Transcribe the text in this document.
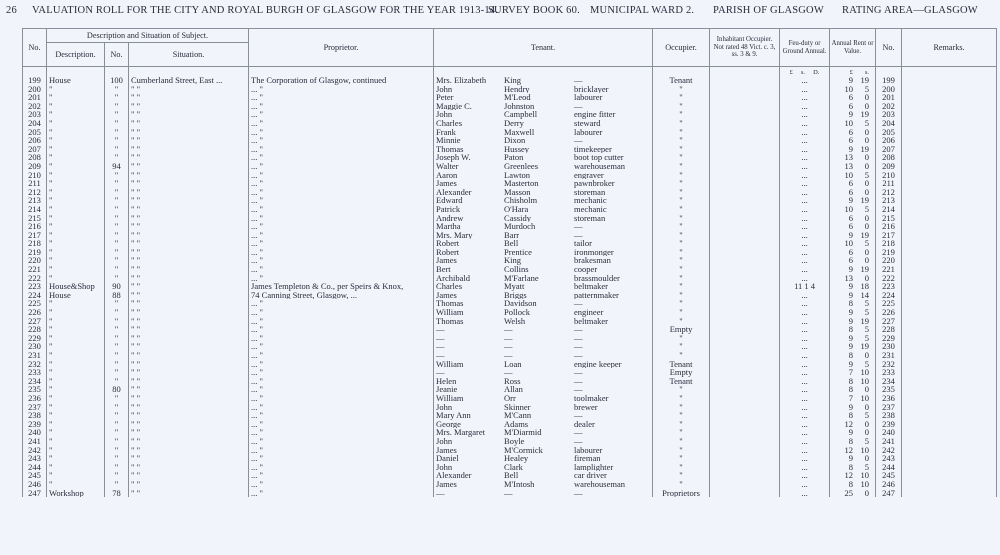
26 VALUATION ROLL FOR THE CITY AND ROYAL BURGH OF GLASGOW FOR THE YEAR 1913-14.
SURVEY BOOK 60. MUNICIPAL WARD 2. PARISH OF GLASGOW RATING AREA—GLASGOW
No.	Description and Situation of Subject.			Proprietor.	Tenant.	Occupier.	Inhabitant Occupier. Not rated 48 Vict. c. 3, ss. 3 & 9.	Feu-duty or Ground Annual.	Annual Rent or Value.	No.	Remarks.
	Description.	No.	Situation.								

								£ s. D.	£ s.		

199	House	100	Cumberland Street, East ...	The Corporation of Glasgow, continued	Mrs. Elizabeth King —	Tenant		...	9 19	199	
200	"	"	" "	... "	John Hendry bricklayer	"		...	10 5	200	
201	"	"	" "	... "	Peter M'Leod labourer	"		...	6 0	201	
202	"	"	" "	... "	Maggie C. Johnston —	"		...	6 0	202	
203	"	"	" "	... "	John Campbell engine fitter	"		...	9 19	203	
204	"	"	" "	... "	Charles Derry steward	"		...	10 5	204	
205	"	"	" "	... "	Frank Maxwell labourer	"		...	6 0	205	
206	"	"	" "	... "	Minnie Dixon —	"		...	6 0	206	
207	"	"	" "	... "	Thomas Hussey timekeeper	"		...	9 19	207	
208	"	"	" "	... "	Joseph W. Paton boot top cutter	"		...	13 0	208	
209	"	94	" "	... "	Walter Greenlees warehouseman	"		...	13 0	209	
210	"	"	" "	... "	Aaron Lawton engraver	"		...	10 5	210	
211	"	"	" "	... "	James Masterton pawnbroker	"		...	6 0	211	
212	"	"	" "	... "	Alexander Masson storeman	"		...	6 0	212	
213	"	"	" "	... "	Edward Chisholm mechanic	"		...	9 19	213	
214	"	"	" "	... "	Patrick O'Hara mechanic	"		...	10 5	214	
215	"	"	" "	... "	Andrew Cassidy storeman	"		...	6 0	215	
216	"	"	" "	... "	Martha Murdoch —	"		...	6 0	216	
217	"	"	" "	... "	Mrs. Mary Barr —	"		...	9 19	217	
218	"	"	" "	... "	Robert Bell tailor	"		...	10 5	218	
219	"	"	" "	... "	Robert Prentice ironmonger	"		...	6 0	219	
220	"	"	" "	... "	James King brakesman	"		...	6 0	220	
221	"	"	" "	... "	Bert Collins cooper	"		...	9 19	221	
222	"	"	" "	... "	Archibald M'Farlane brassmoulder	"		...	13 0	222	
223	House&Shop	90	" "	James Templeton & Co., per Speirs & Knox,	Charles Myatt beltmaker	"		11 1 4	9 18	223	
224	House	88	" "	74 Canning Street, Glasgow, ...	James Briggs patternmaker	"		...	9 14	224	
225	"	"	" "	... "	Thomas Davidson —	"		...	8 5	225	
226	"	"	" "	... "	William Pollock engineer	"		...	9 5	226	
227	"	"	" "	... "	Thomas Welsh beltmaker	"		...	9 19	227	
228	"	"	" "	... "	— — —	Empty		...	8 5	228	
229	"	"	" "	... "	— — —	"		...	9 5	229	
230	"	"	" "	... "	— — —	"		...	9 19	230	
231	"	"	" "	... "	— — —	"		...	8 0	231	
232	"	"	" "	... "	William Loan engine keeper	Tenant		...	9 5	232	
233	"	"	" "	... "	— — —	Empty		...	7 10	233	
234	"	"	" "	... "	Helen Ross —	Tenant		...	8 10	234	
235	"	80	" "	... "	Jeanie Allan —	"		...	8 0	235	
236	"	"	" "	... "	William Orr toolmaker	"		...	7 10	236	
237	"	"	" "	... "	John Skinner brewer	"		...	9 0	237	
238	"	"	" "	... "	Mary Ann M'Cann —	"		...	8 5	238	
239	"	"	" "	... "	George Adams dealer	"		...	12 0	239	
240	"	"	" "	... "	Mrs. Margaret M'Diarmid —	"		...	9 0	240	
241	"	"	" "	... "	John Boyle —	"		...	8 5	241	
242	"	"	" "	... "	James M'Cormick labourer	"		...	12 10	242	
243	"	"	" "	... "	Daniel Healey fireman	"		...	9 0	243	
244	"	"	" "	... "	John Clark lamplighter	"		...	8 5	244	
245	"	"	" "	... "	Alexander Bell car driver	"		...	12 10	245	
246	"	"	" "	... "	James M'Intosh warehouseman	"		...	8 10	246	
247	Workshop	78	" "	... "	— — —	Proprietors		...	25 0	247	
